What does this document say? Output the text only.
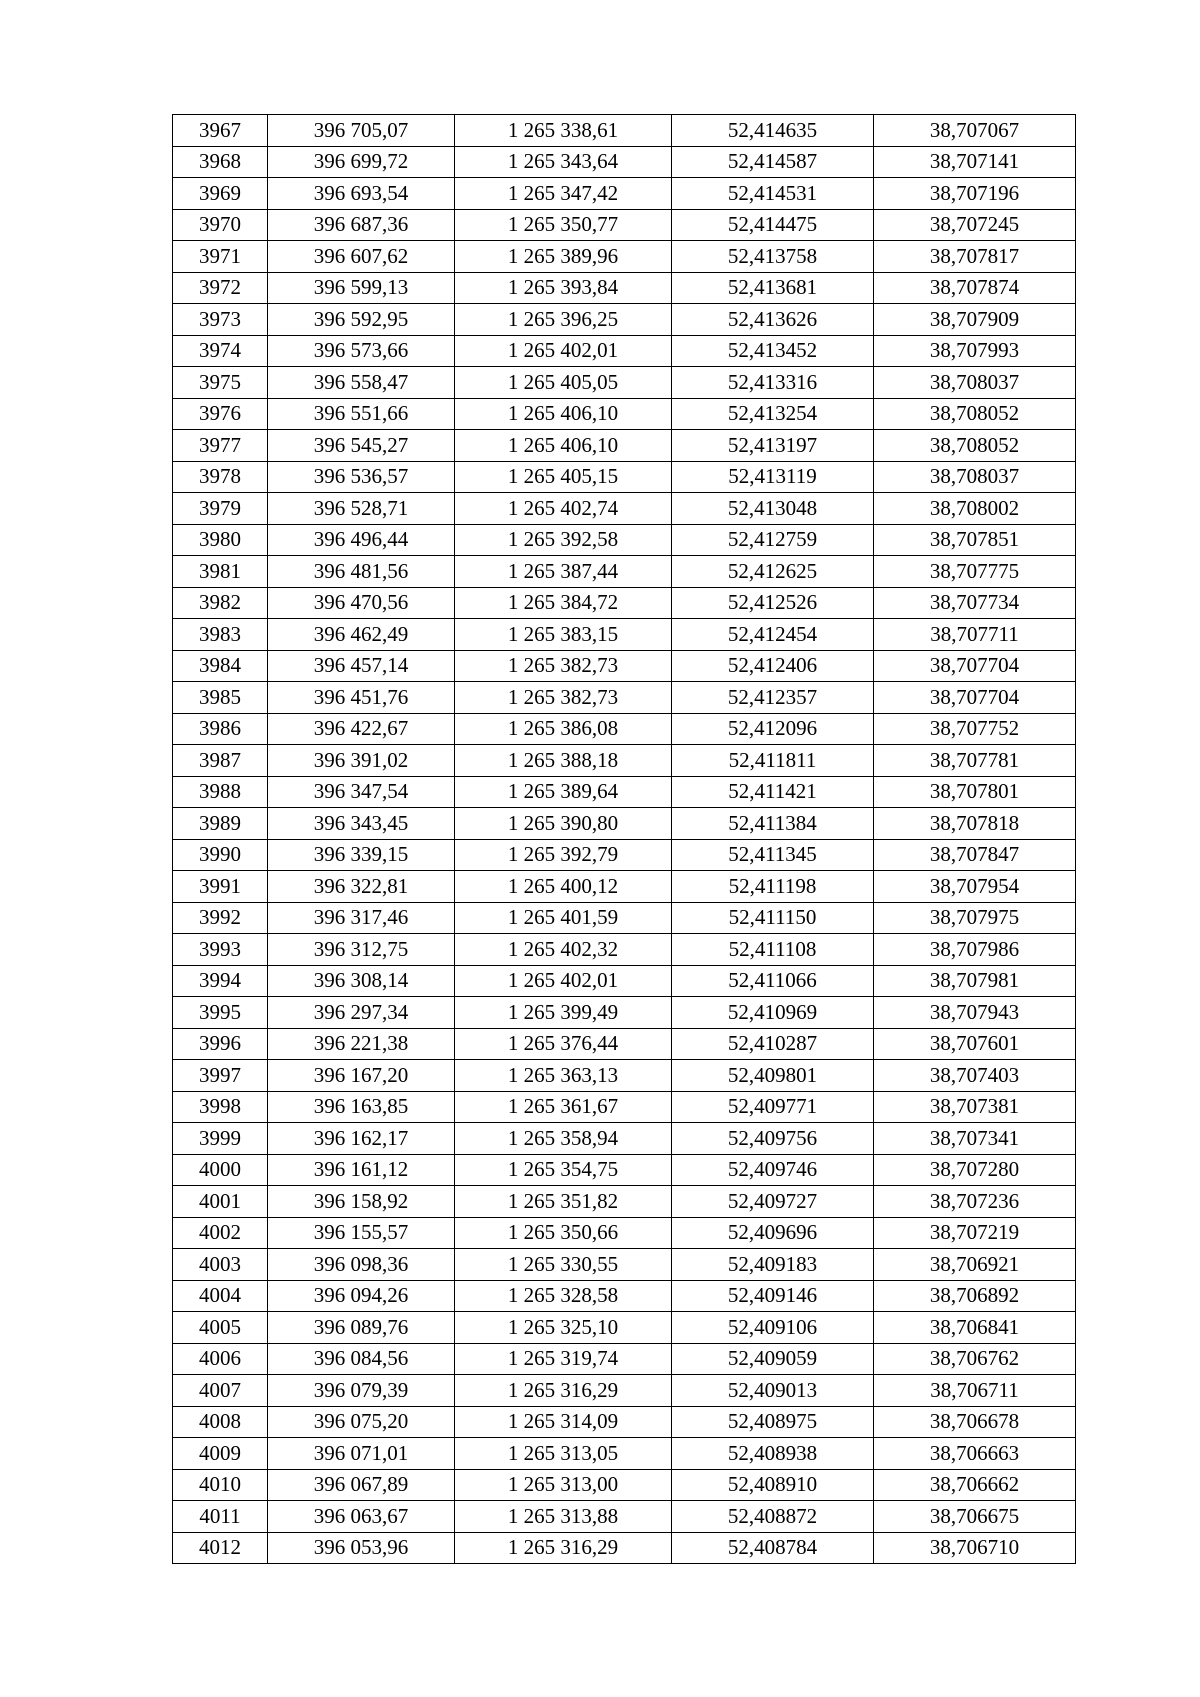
3967	396 705,07	1 265 338,61	52,414635	38,707067
3968	396 699,72	1 265 343,64	52,414587	38,707141
3969	396 693,54	1 265 347,42	52,414531	38,707196
3970	396 687,36	1 265 350,77	52,414475	38,707245
3971	396 607,62	1 265 389,96	52,413758	38,707817
3972	396 599,13	1 265 393,84	52,413681	38,707874
3973	396 592,95	1 265 396,25	52,413626	38,707909
3974	396 573,66	1 265 402,01	52,413452	38,707993
3975	396 558,47	1 265 405,05	52,413316	38,708037
3976	396 551,66	1 265 406,10	52,413254	38,708052
3977	396 545,27	1 265 406,10	52,413197	38,708052
3978	396 536,57	1 265 405,15	52,413119	38,708037
3979	396 528,71	1 265 402,74	52,413048	38,708002
3980	396 496,44	1 265 392,58	52,412759	38,707851
3981	396 481,56	1 265 387,44	52,412625	38,707775
3982	396 470,56	1 265 384,72	52,412526	38,707734
3983	396 462,49	1 265 383,15	52,412454	38,707711
3984	396 457,14	1 265 382,73	52,412406	38,707704
3985	396 451,76	1 265 382,73	52,412357	38,707704
3986	396 422,67	1 265 386,08	52,412096	38,707752
3987	396 391,02	1 265 388,18	52,411811	38,707781
3988	396 347,54	1 265 389,64	52,411421	38,707801
3989	396 343,45	1 265 390,80	52,411384	38,707818
3990	396 339,15	1 265 392,79	52,411345	38,707847
3991	396 322,81	1 265 400,12	52,411198	38,707954
3992	396 317,46	1 265 401,59	52,411150	38,707975
3993	396 312,75	1 265 402,32	52,411108	38,707986
3994	396 308,14	1 265 402,01	52,411066	38,707981
3995	396 297,34	1 265 399,49	52,410969	38,707943
3996	396 221,38	1 265 376,44	52,410287	38,707601
3997	396 167,20	1 265 363,13	52,409801	38,707403
3998	396 163,85	1 265 361,67	52,409771	38,707381
3999	396 162,17	1 265 358,94	52,409756	38,707341
4000	396 161,12	1 265 354,75	52,409746	38,707280
4001	396 158,92	1 265 351,82	52,409727	38,707236
4002	396 155,57	1 265 350,66	52,409696	38,707219
4003	396 098,36	1 265 330,55	52,409183	38,706921
4004	396 094,26	1 265 328,58	52,409146	38,706892
4005	396 089,76	1 265 325,10	52,409106	38,706841
4006	396 084,56	1 265 319,74	52,409059	38,706762
4007	396 079,39	1 265 316,29	52,409013	38,706711
4008	396 075,20	1 265 314,09	52,408975	38,706678
4009	396 071,01	1 265 313,05	52,408938	38,706663
4010	396 067,89	1 265 313,00	52,408910	38,706662
4011	396 063,67	1 265 313,88	52,408872	38,706675
4012	396 053,96	1 265 316,29	52,408784	38,706710
